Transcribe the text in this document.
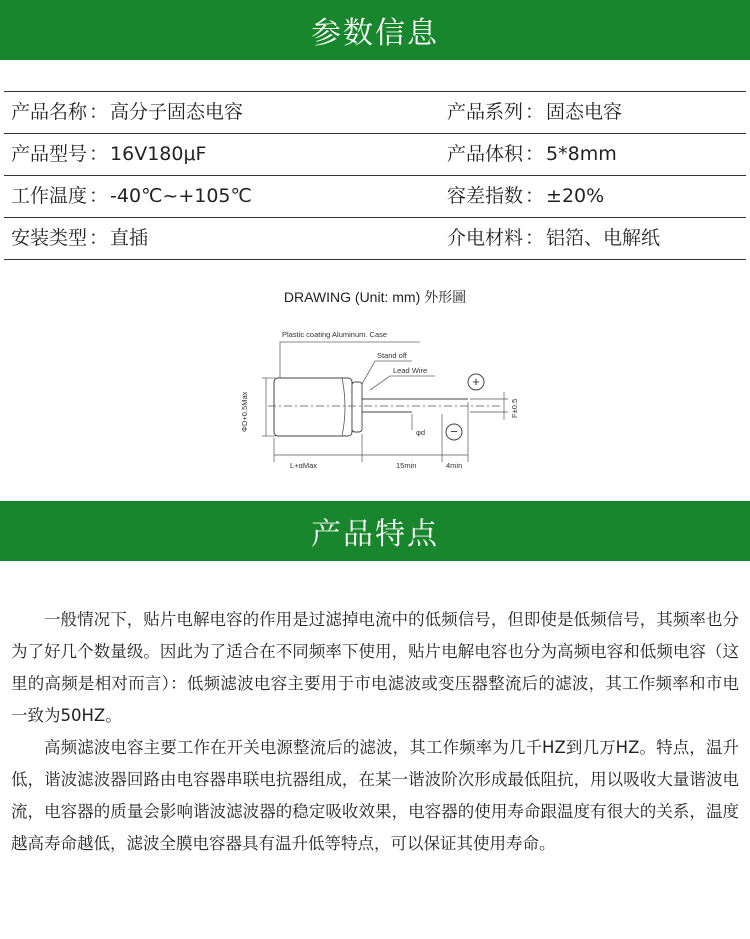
参数信息
产品名称 ： 高分子固态电容	产品系列 ： 固态电容
产品型号 ： 16V180μF	产品体积 ： 5*8mm
工作温度 ： -40℃~+105℃	容差指数 ： ±20%
安装类型 ： 直插	介电材料 ： 铝箔、电解纸
DRAWING (Unit: mm) 外形圖
Plastic coating Aluminum. Case
Stand off
Lead Wire
ΦD+0.5Max	F±0.5
+
−
φd
L+αMax	15min	4min
产品特点

一般情况下，贴片电解电容的作用是过滤掉电流中的低频信号，但即使是低频信号，其频率也分为了好几个数量级。因此为了适合在不同频率下使用，贴片电解电容也分为高频电容和低频电容（这里的高频是相对而言）：低频滤波电容主要用于市电滤波或变压器整流后的滤波，其工作频率和市电一致为50HZ。

高频滤波电容主要工作在开关电源整流后的滤波，其工作频率为几千HZ到几万HZ。特点，温升低，谐波滤波器回路由电容器串联电抗器组成，在某一谐波阶次形成最低阻抗，用以吸收大量谐波电流，电容器的质量会影响谐波滤波器的稳定吸收效果，电容器的使用寿命跟温度有很大的关系，温度越高寿命越低，滤波全膜电容器具有温升低等特点，可以保证其使用寿命。
